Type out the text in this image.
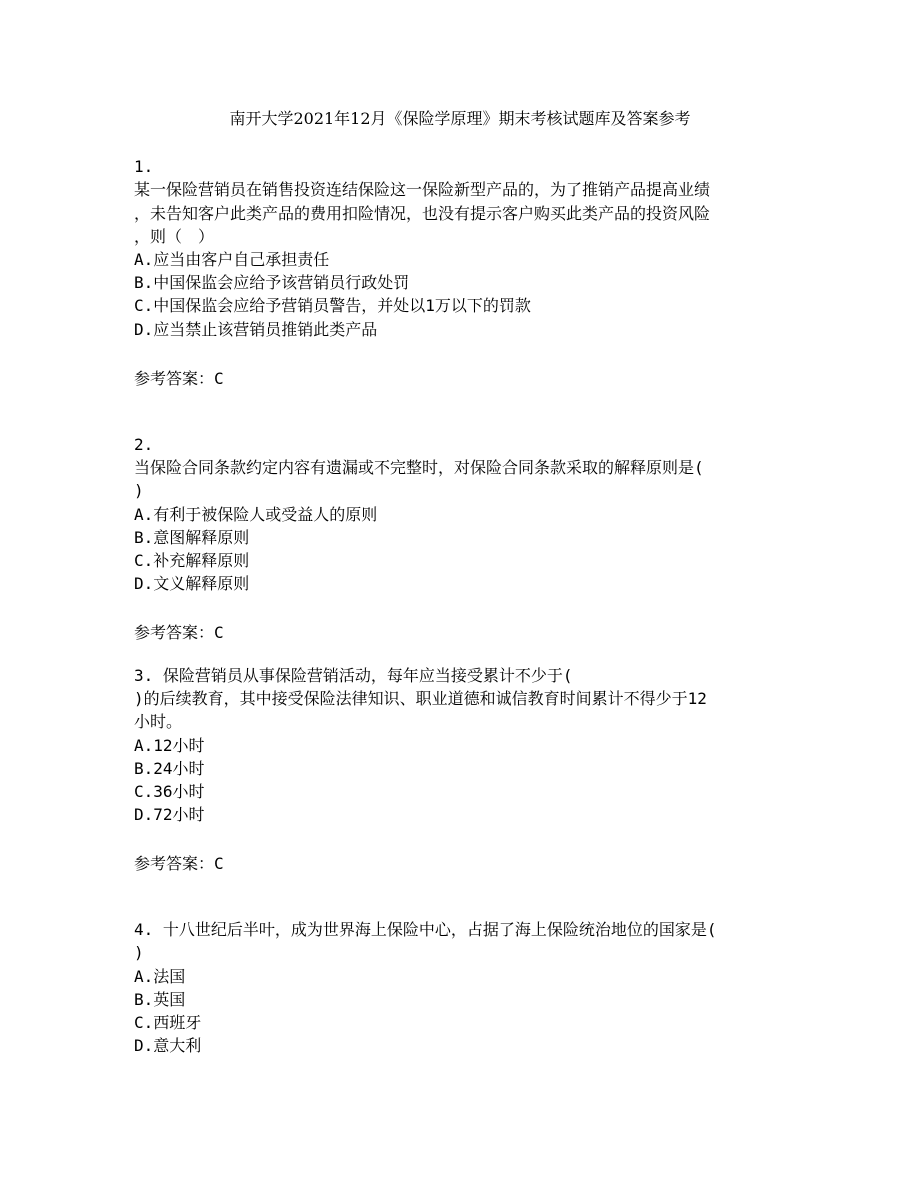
南开大学2021年12月《保险学原理》期末考核试题库及答案参考
1.
某一保险营销员在销售投资连结保险这一保险新型产品的，为了推销产品提高业绩
，未告知客户此类产品的费用扣险情况，也没有提示客户购买此类产品的投资风险
，则（　）
A.应当由客户自己承担责任
B.中国保监会应给予该营销员行政处罚
C.中国保监会应给予营销员警告，并处以1万以下的罚款
D.应当禁止该营销员推销此类产品
参考答案：C
2.
当保险合同条款约定内容有遗漏或不完整时，对保险合同条款采取的解释原则是(
)
A.有利于被保险人或受益人的原则
B.意图解释原则
C.补充解释原则
D.文义解释原则
参考答案：C
3. 保险营销员从事保险营销活动，每年应当接受累计不少于(
)的后续教育，其中接受保险法律知识、职业道德和诚信教育时间累计不得少于12
小时。
A.12小时
B.24小时
C.36小时
D.72小时
参考答案：C
4. 十八世纪后半叶，成为世界海上保险中心，占据了海上保险统治地位的国家是(
)
A.法国
B.英国
C.西班牙
D.意大利
